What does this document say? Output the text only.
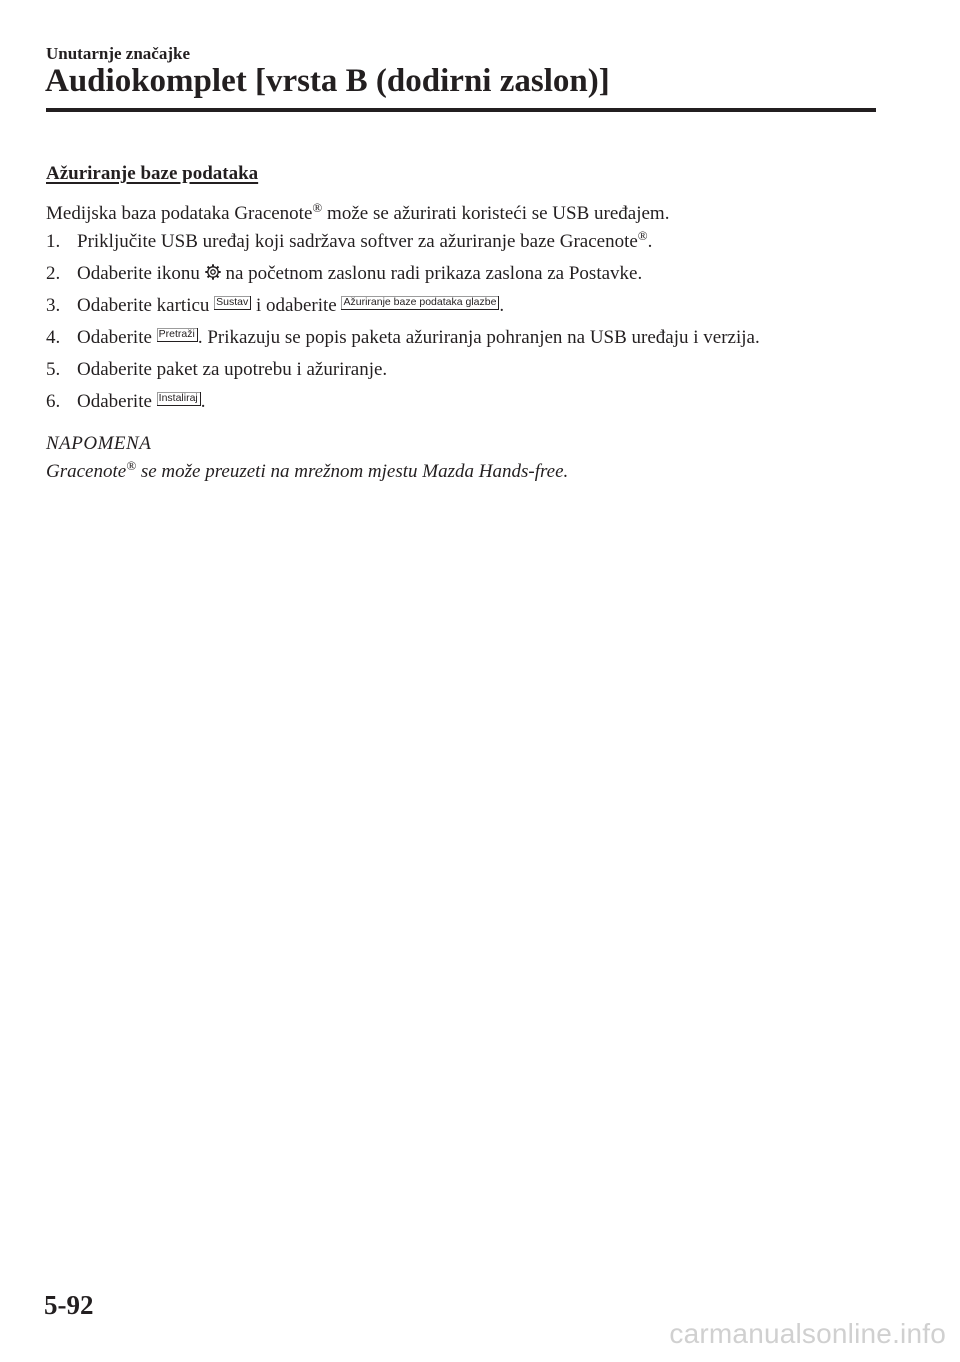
Unutarnje značajke
Audiokomplet [vrsta B (dodirni zaslon)]
Ažuriranje baze podataka

Medijska baza podataka Gracenote® može se ažurirati koristeći se USB uređajem.

1. Priključite USB uređaj koji sadržava softver za ažuriranje baze Gracenote®.
2. Odaberite ikonu  na početnom zaslonu radi prikaza zaslona za Postavke.
3. Odaberite karticu Sustav i odaberite Ažuriranje baze podataka glazbe .
4. Odaberite Pretraži . Prikazuju se popis paketa ažuriranja pohranjen na USB uređaju i verzija.
5. Odaberite paket za upotrebu i ažuriranje.
6. Odaberite Instaliraj .
NAPOMENA
Gracenote® se može preuzeti na mrežnom mjestu Mazda Hands-free.
5-92
carmanualsonline.info
